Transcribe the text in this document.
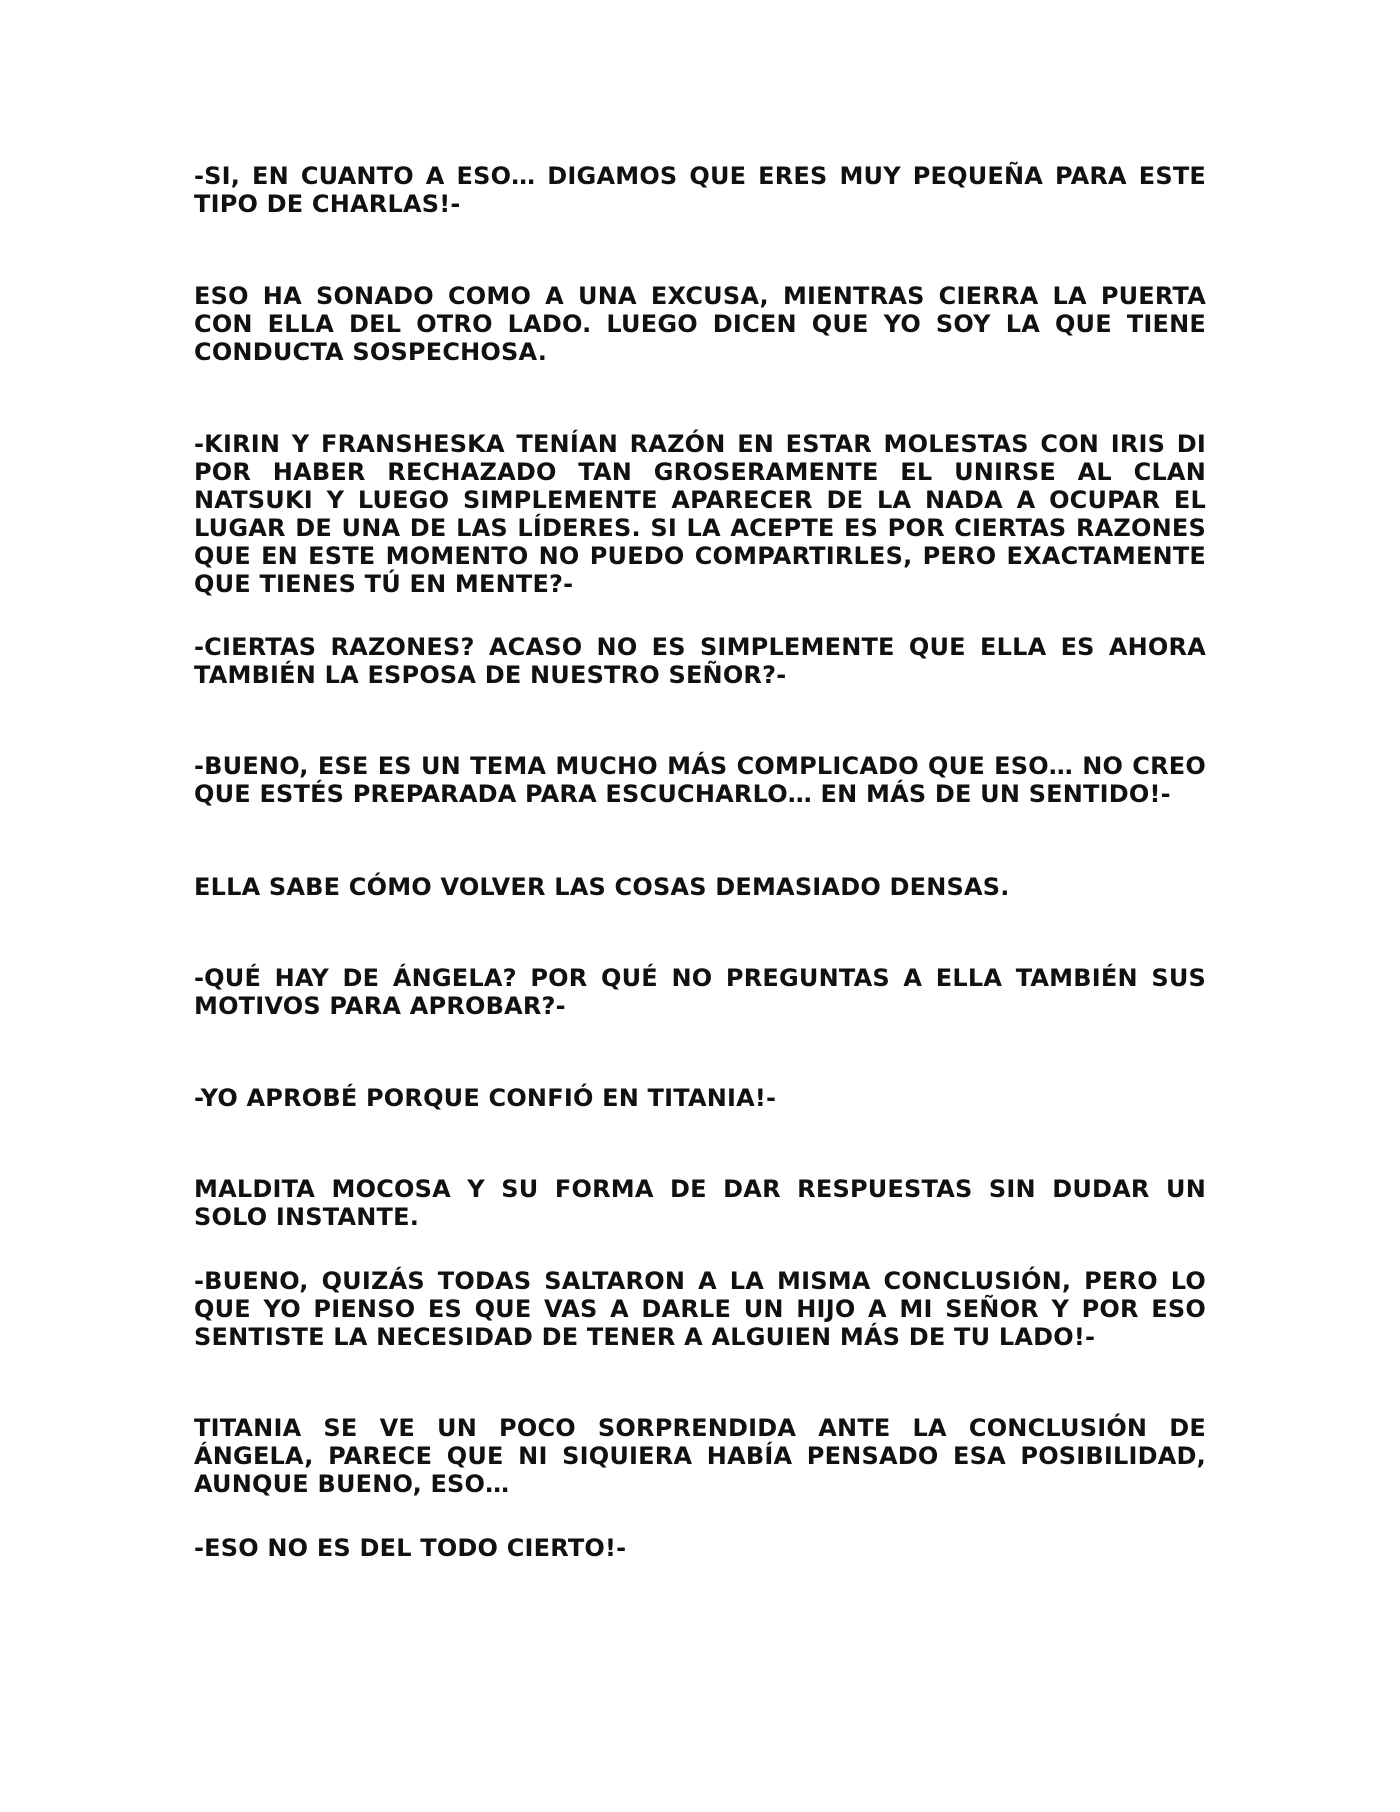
-SI, EN CUANTO A ESO… DIGAMOS QUE ERES MUY PEQUEÑA PARA ESTE TIPO DE CHARLAS!-

ESO HA SONADO COMO A UNA EXCUSA, MIENTRAS CIERRA LA PUERTA CON ELLA DEL OTRO LADO. LUEGO DICEN QUE YO SOY LA QUE TIENE CONDUCTA SOSPECHOSA.

-KIRIN Y FRANSHESKA TENÍAN RAZÓN EN ESTAR MOLESTAS CON IRIS DI POR HABER RECHAZADO TAN GROSERAMENTE EL UNIRSE AL CLAN NATSUKI Y LUEGO SIMPLEMENTE APARECER DE LA NADA A OCUPAR EL LUGAR DE UNA DE LAS LÍDERES. SI LA ACEPTE ES POR CIERTAS RAZONES QUE EN ESTE MOMENTO NO PUEDO COMPARTIRLES, PERO EXACTAMENTE QUE TIENES TÚ EN MENTE?-

-CIERTAS RAZONES? ACASO NO ES SIMPLEMENTE QUE ELLA ES AHORA TAMBIÉN LA ESPOSA DE NUESTRO SEÑOR?-

-BUENO, ESE ES UN TEMA MUCHO MÁS COMPLICADO QUE ESO… NO CREO QUE ESTÉS PREPARADA PARA ESCUCHARLO… EN MÁS DE UN SENTIDO!-

ELLA SABE CÓMO VOLVER LAS COSAS DEMASIADO DENSAS.

-QUÉ HAY DE ÁNGELA? POR QUÉ NO PREGUNTAS A ELLA TAMBIÉN SUS MOTIVOS PARA APROBAR?-

-YO APROBÉ PORQUE CONFIÓ EN TITANIA!-

MALDITA MOCOSA Y SU FORMA DE DAR RESPUESTAS SIN DUDAR UN SOLO INSTANTE.

-BUENO, QUIZÁS TODAS SALTARON A LA MISMA CONCLUSIÓN, PERO LO QUE YO PIENSO ES QUE VAS A DARLE UN HIJO A MI SEÑOR Y POR ESO SENTISTE LA NECESIDAD DE TENER A ALGUIEN MÁS DE TU LADO!-

TITANIA SE VE UN POCO SORPRENDIDA ANTE LA CONCLUSIÓN DE ÁNGELA, PARECE QUE NI SIQUIERA HABÍA PENSADO ESA POSIBILIDAD, AUNQUE BUENO, ESO…

-ESO NO ES DEL TODO CIERTO!-
